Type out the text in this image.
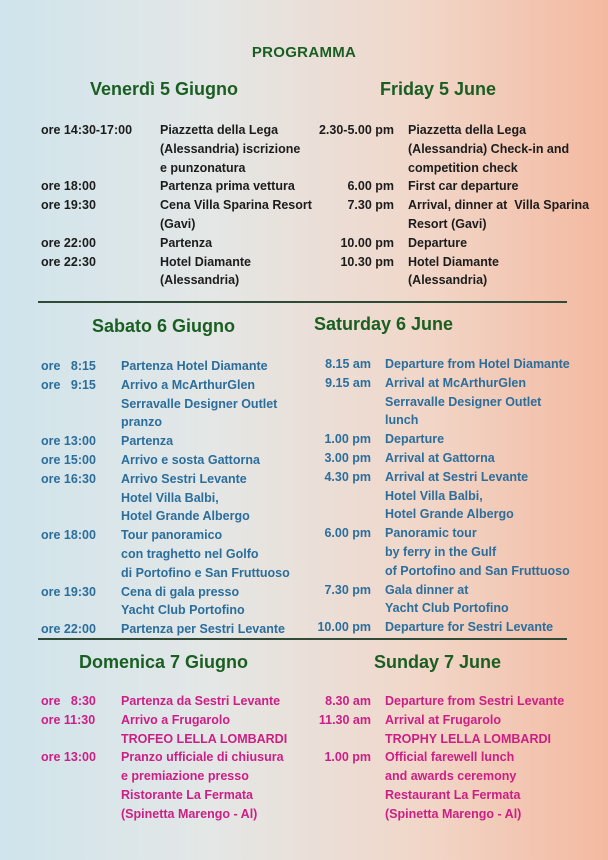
PROGRAMMA
Venerdì 5 Giugno	Friday 5 June
ore 14:30-17:00	Piazzetta della Lega
(Alessandria) iscrizione
e punzonatura
ore 18:00	Partenza prima vettura
ore 19:30	Cena Villa Sparina Resort
(Gavi)
ore 22:00	Partenza
ore 22:30	Hotel Diamante
(Alessandria)
2.30-5.00 pm Piazzetta della Lega
(Alessandria) Check-in and
competition check
6.00 pm First car departure
7.30 pm Arrival, dinner at  Villa Sparina
Resort (Gavi)
10.00 pm Departure
10.30 pm Hotel Diamante
(Alessandria)
Sabato 6 Giugno	Saturday 6 June
ore   8:15	Partenza Hotel Diamante
ore   9:15	Arrivo a McArthurGlen
Serravalle Designer Outlet
pranzo
ore 13:00	Partenza
ore 15:00	Arrivo e sosta Gattorna
ore 16:30	Arrivo Sestri Levante
Hotel Villa Balbi,
Hotel Grande Albergo
ore 18:00	Tour panoramico
con traghetto nel Golfo
di Portofino e San Fruttuoso
ore 19:30	Cena di gala presso
Yacht Club Portofino
ore 22:00	Partenza per Sestri Levante
8.15 am Departure from Hotel Diamante
9.15 am Arrival at McArthurGlen
Serravalle Designer Outlet
lunch
1.00 pm Departure
3.00 pm Arrival at Gattorna
4.30 pm Arrival at Sestri Levante
Hotel Villa Balbi,
Hotel Grande Albergo
6.00 pm Panoramic tour
by ferry in the Gulf
of Portofino and San Fruttuoso
7.30 pm Gala dinner at
Yacht Club Portofino
10.00 pm Departure for Sestri Levante
Domenica 7 Giugno	Sunday 7 June
ore   8:30	Partenza da Sestri Levante
ore 11:30	Arrivo a Frugarolo
TROFEO LELLA LOMBARDI
ore 13:00	Pranzo ufficiale di chiusura
e premiazione presso
Ristorante La Fermata
(Spinetta Marengo - Al)
8.30 am Departure from Sestri Levante
11.30 am Arrival at Frugarolo
TROPHY LELLA LOMBARDI
1.00 pm Official farewell lunch
and awards ceremony
Restaurant La Fermata
(Spinetta Marengo - Al)
